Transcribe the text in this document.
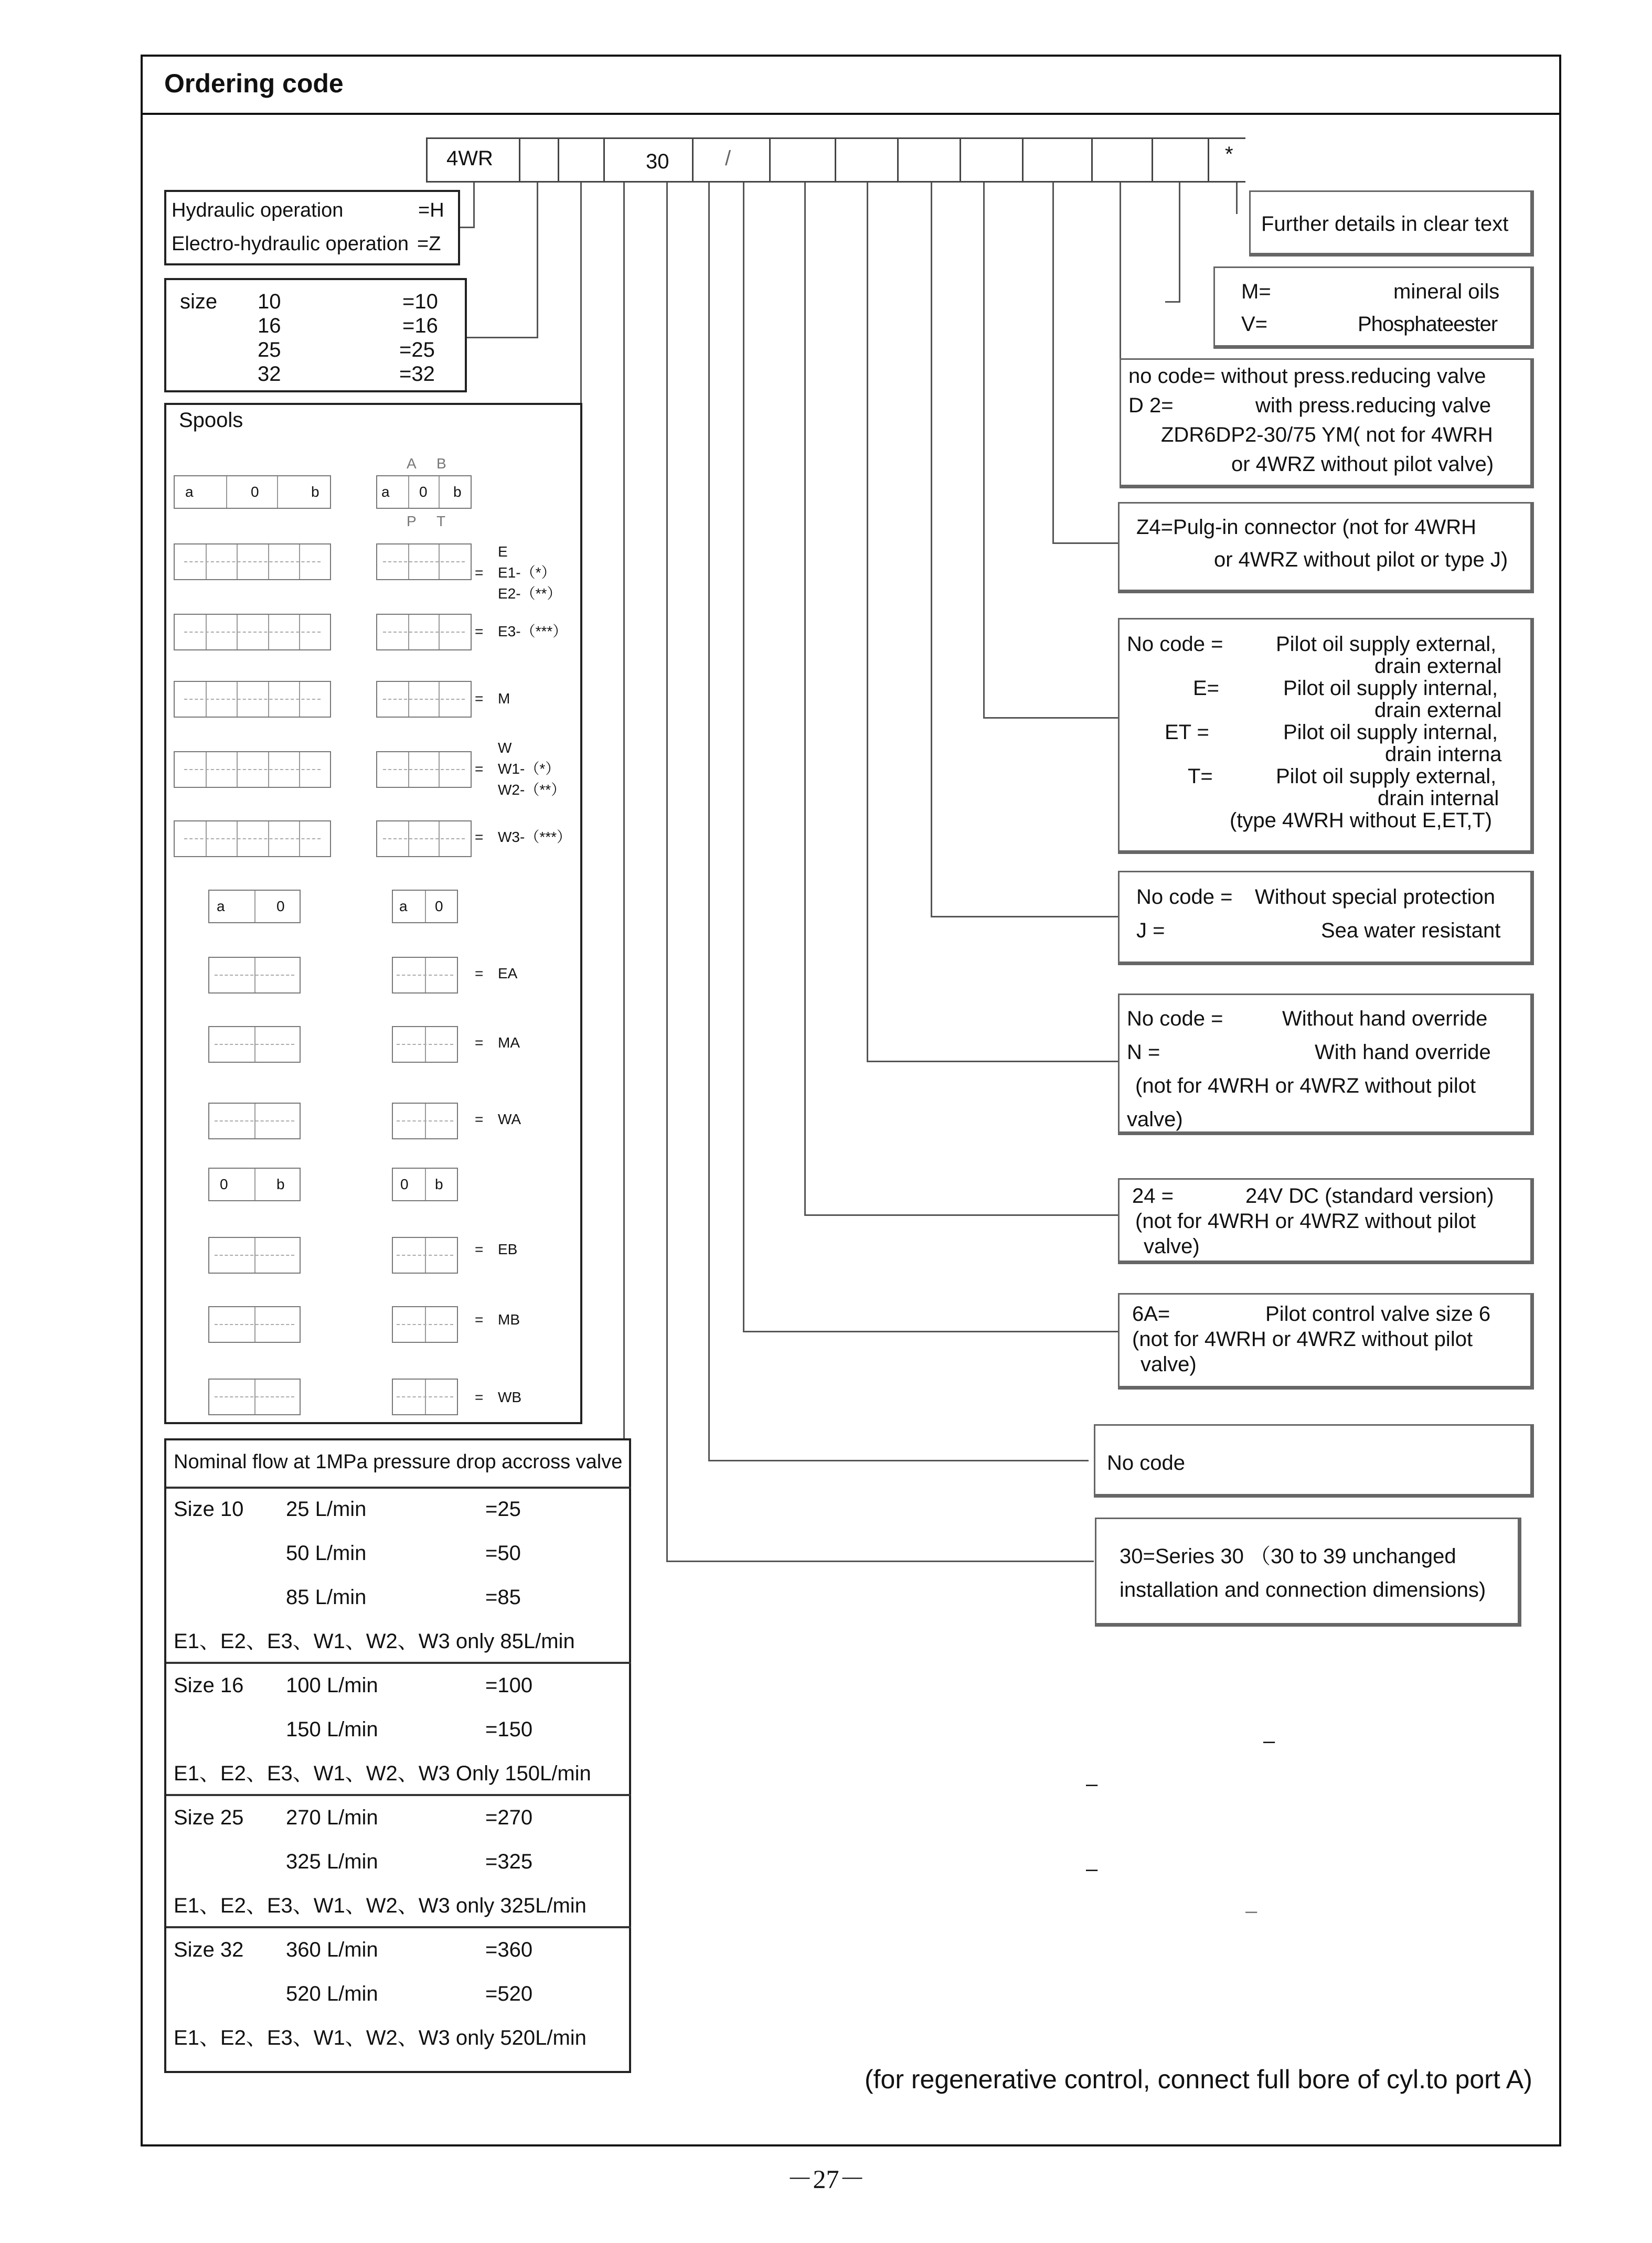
Ordering code
4WR	30	/	*
Hydraulic operation	=H
Electro-hydraulic operation =Z
size 10	=10
16	=16
25	=25
32	=32
Spools
a	0	b	a 0 b
A B
P T
E
= E1-（*）
E2-（**）
= E3-（***）
= M
W
= W1-（*）
W2-（**）
= W3-（***）
a	0	a 0
= EA
= MA
= WA
0	b	0 b
= EB
= MB
= WB
Nominal flow at 1MPa pressure drop accross valve
Size 10 25 L/min	=25
50 L/min	=50
85 L/min	=85
E1、E2、E3、W1、W2、W3 only 85L/min
Size 16 100 L/min	=100
150 L/min	=150
E1、E2、E3、W1、W2、W3 Only 150L/min
Size 25 270 L/min	=270
325 L/min	=325
E1、E2、E3、W1、W2、W3 only 325L/min
Size 32 360 L/min	=360
520 L/min	=520
E1、E2、E3、W1、W2、W3 only 520L/min
Further details in clear text
M=	mineral oils
V=	Phosphateester
no code= without press.reducing valve
D 2=	with press.reducing valve
ZDR6DP2-30/75 YM( not for 4WRH
or 4WRZ without pilot valve)
Z4=Pulg-in connector (not for 4WRH
or 4WRZ without pilot or type J)
No code =	Pilot oil supply external,
drain external
E=	Pilot oil supply internal,
drain external
ET =	Pilot oil supply internal,
drain interna
T=	Pilot oil supply external,
drain internal
(type 4WRH without E,ET,T)
No code = Without special protection
J =	Sea water resistant
No code =	Without hand override
N =	With hand override
(not for 4WRH or 4WRZ without pilot
valve)
24 =	24V DC (standard version)
(not for 4WRH or 4WRZ without pilot
valve)
6A=	Pilot control valve size 6
(not for 4WRH or 4WRZ without pilot
valve)
No code
30=Series 30 （30 to 39 unchanged
installation and connection dimensions)
–
–
–
–
(for regenerative control, connect full bore of cyl.to port A)
－27－
